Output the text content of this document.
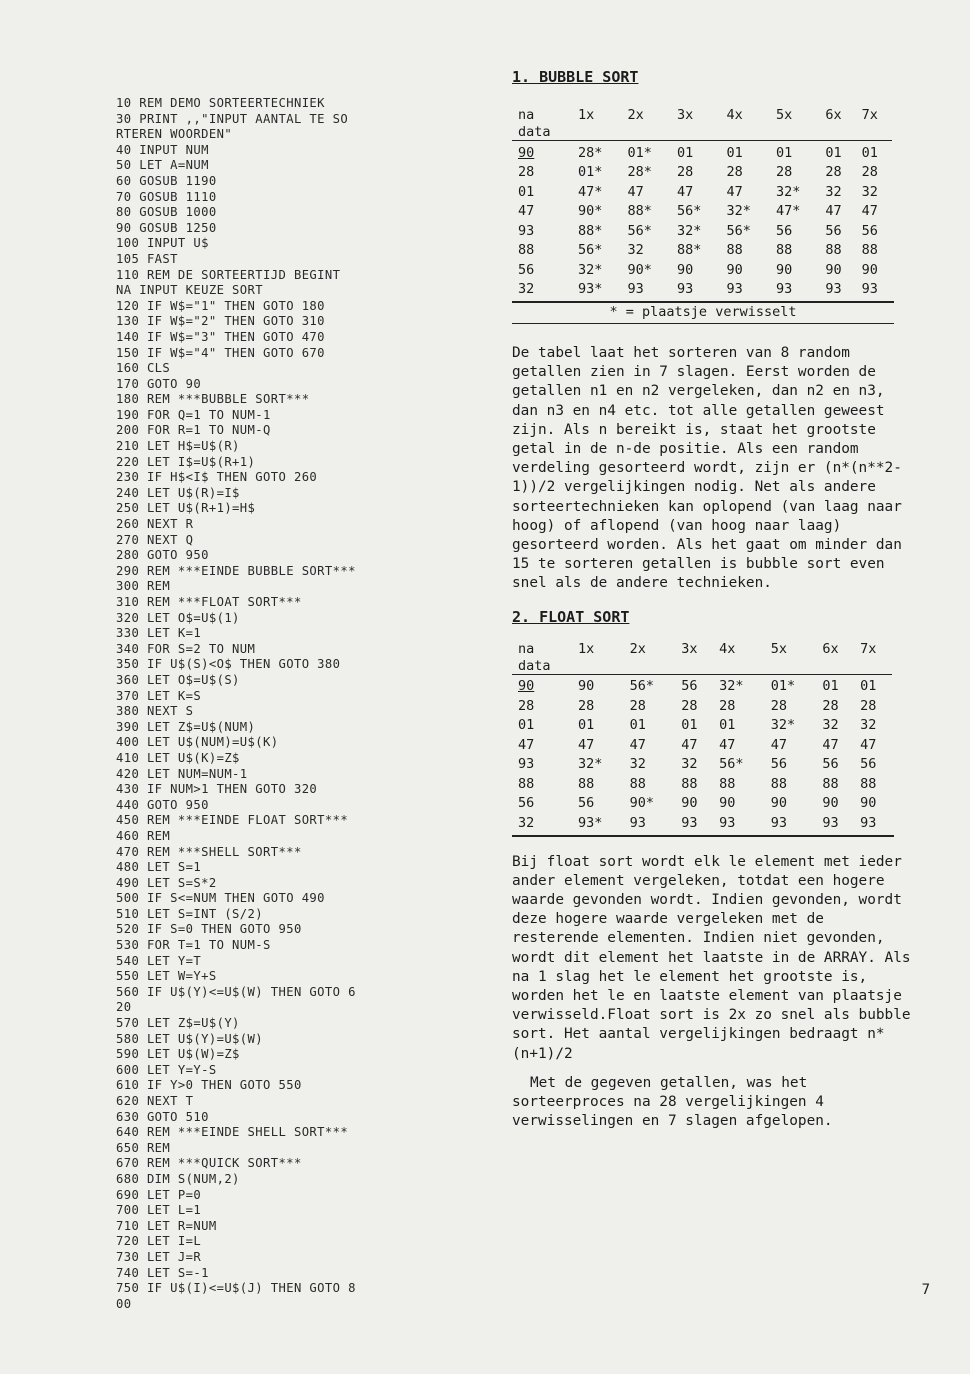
10 REM DEMO SORTEERTECHNIEK
30 PRINT ,,"INPUT AANTAL TE SO
RTEREN WOORDEN"
40 INPUT NUM
50 LET A=NUM
60 GOSUB 1190
70 GOSUB 1110
80 GOSUB 1000
90 GOSUB 1250
100 INPUT U$
105 FAST
110 REM DE SORTEERTIJD BEGINT
NA INPUT KEUZE SORT
120 IF W$="1" THEN GOTO 180
130 IF W$="2" THEN GOTO 310
140 IF W$="3" THEN GOTO 470
150 IF W$="4" THEN GOTO 670
160 CLS
170 GOTO 90
180 REM ***BUBBLE SORT***
190 FOR Q=1 TO NUM-1
200 FOR R=1 TO NUM-Q
210 LET H$=U$(R)
220 LET I$=U$(R+1)
230 IF H$<I$ THEN GOTO 260
240 LET U$(R)=I$
250 LET U$(R+1)=H$
260 NEXT R
270 NEXT Q
280 GOTO 950
290 REM ***EINDE BUBBLE SORT***
300 REM
310 REM ***FLOAT SORT***
320 LET O$=U$(1)
330 LET K=1
340 FOR S=2 TO NUM
350 IF U$(S)<O$ THEN GOTO 380
360 LET O$=U$(S)
370 LET K=S
380 NEXT S
390 LET Z$=U$(NUM)
400 LET U$(NUM)=U$(K)
410 LET U$(K)=Z$
420 LET NUM=NUM-1
430 IF NUM>1 THEN GOTO 320
440 GOTO 950
450 REM ***EINDE FLOAT SORT***
460 REM
470 REM ***SHELL SORT***
480 LET S=1
490 LET S=S*2
500 IF S<=NUM THEN GOTO 490
510 LET S=INT (S/2)
520 IF S=0 THEN GOTO 950
530 FOR T=1 TO NUM-S
540 LET Y=T
550 LET W=Y+S
560 IF U$(Y)<=U$(W) THEN GOTO 6
20
570 LET Z$=U$(Y)
580 LET U$(Y)=U$(W)
590 LET U$(W)=Z$
600 LET Y=Y-S
610 IF Y>0 THEN GOTO 550
620 NEXT T
630 GOTO 510
640 REM ***EINDE SHELL SORT***
650 REM
670 REM ***QUICK SORT***
680 DIM S(NUM,2)
690 LET P=0
700 LET L=1
710 LET R=NUM
720 LET I=L
730 LET J=R
740 LET S=-1
750 IF U$(I)<=U$(J) THEN GOTO 8
00
1. BUBBLE SORT
na	1x	2x	3x	4x	5x	6x	7x
data							
90	28*	01*	01	01	01	01	01
28	01*	28*	28	28	28	28	28
01	47*	47	47	47	32*	32	32
47	90*	88*	56*	32*	47*	47	47
93	88*	56*	32*	56*	56	56	56
88	56*	32	88*	88	88	88	88
56	32*	90*	90	90	90	90	90
32	93*	93	93	93	93	93	93
* = plaatsje verwisselt

De tabel laat het sorteren van 8 random getallen zien in 7 slagen. Eerst worden de getallen n1 en n2 vergeleken, dan n2 en n3, dan n3 en n4 etc. tot alle getallen geweest zijn. Als n bereikt is, staat het grootste getal in de n-de positie. Als een random verdeling gesorteerd wordt, zijn er (n*(n**2-1))/2 vergelijkingen nodig. Net als andere sorteertechnieken kan oplopend (van laag naar hoog) of aflopend (van hoog naar laag) gesorteerd worden. Als het gaat om minder dan 15 te sorteren getallen is bubble sort even snel als de andere technieken.

2. FLOAT SORT
na	1x	2x	3x	4x	5x	6x	7x
data							
90	90	56*	56	32*	01*	01	01
28	28	28	28	28	28	28	28
01	01	01	01	01	32*	32	32
47	47	47	47	47	47	47	47
93	32*	32	32	56*	56	56	56
88	88	88	88	88	88	88	88
56	56	90*	90	90	90	90	90
32	93*	93	93	93	93	93	93

Bij float sort wordt elk le element met ieder ander element vergeleken, totdat een hogere waarde gevonden wordt. Indien gevonden, wordt deze hogere waarde vergeleken met de resterende elementen. Indien niet gevonden, wordt dit element het laatste in de ARRAY. Als na 1 slag het le element het grootste is, worden het le en laatste element van plaatsje verwisseld.Float sort is 2x zo snel als bubble sort. Het aantal vergelijkingen bedraagt n*(n+1)/2

Met de gegeven getallen, was het sorteerproces na 28 vergelijkingen 4 verwisselingen en 7 slagen afgelopen.

7
